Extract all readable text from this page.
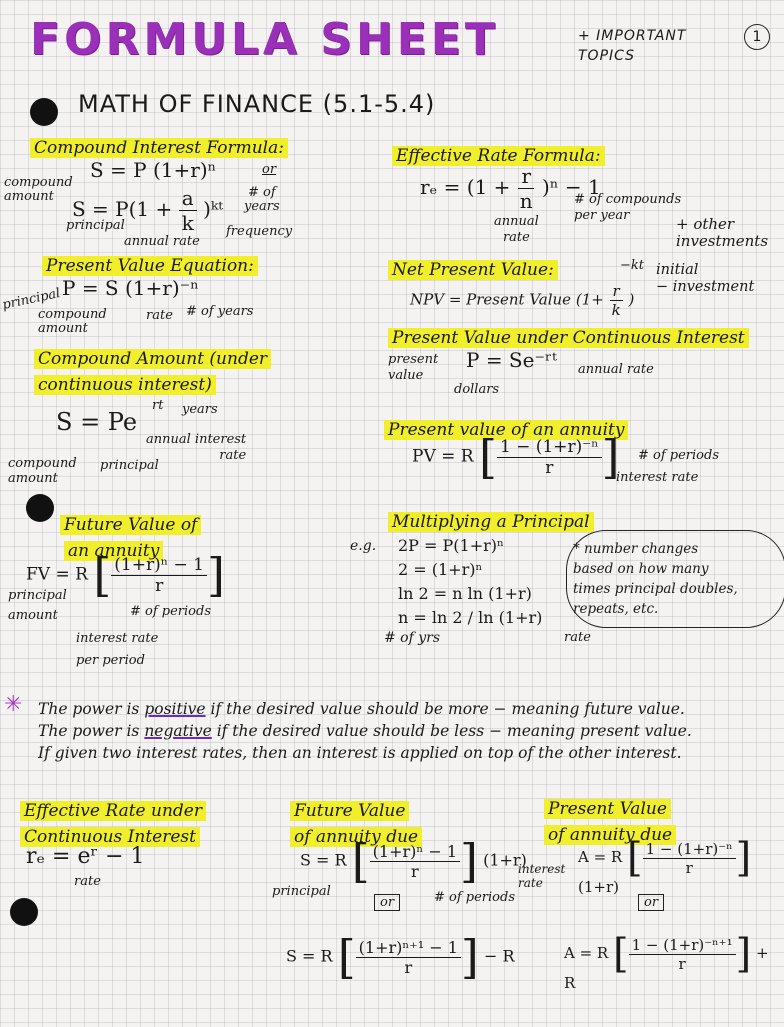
FORMULA SHEET	+ IMPORTANT
TOPICS
1
MATH OF FINANCE (5.1-5.4)
Compound Interest Formula:
S = P (1+r)ⁿ	or
compound
amount
$S = P(1 + \frac{a}{k}$ )ᵏᵗ
# of
years
principal
annual rate
frequency
Effective Rate Formula:
$r_e = (1 + \frac{r}{n} )^n - 1$
# of compounds
per year
annual
rate
+ other
investments
Present Value Equation:
principal P = S (1+r)⁻ⁿ
compound
amount
rate # of years
Net Present Value:	−kt initial
− investment
NPV = Present Value ($1+ \frac{r}{k}$ )
Present Value under Continuous Interest
present
value
P = Se⁻ʳᵗ annual rate
dollars
Compound Amount (under
continuous interest)
rt years
S = Pe
annual interest
rate
compound
amount
principal
Present value of an annuity
PV = R [ $\frac{\text{1 − (1+r)⁻ⁿ}}{r}$ ] # of periods
interest rate
Future Value of
an annuity
FV = R [ $\frac{\text{(1+r)ⁿ − 1}}{r}$ ]
principal
amount	# of periods
interest rate
per period
Multiplying a Principal
e.g. 2P = P(1+r)ⁿ
2 = (1+r)ⁿ
ln 2 = n ln (1+r)
n = ln 2 / ln (1+r)
# of yrs	rate
* number changes
based on how many
times principal doubles,
repeats, etc.
✳ The power is positive if the desired value should be more − meaning future value.
The power is negative if the desired value should be less − meaning present value.
If given two interest rates, then an interest is applied on top of the other interest.
Effective Rate under
Continuous Interest
rₑ = eʳ − 1
rate
Future Value
of annuity due
S = R [ $\frac{\text{(1+r)ⁿ − 1}}{r}$ ] (1+r)
interest
rate
principal
or	# of periods
S = R [ $\frac{\text{(1+r)ⁿ⁺¹ − 1}}{r}$ ] − R
Present Value
of annuity due
A = R [ $\frac{\text{1 − (1+r)⁻ⁿ}}{r}$ ] (1+r)
or
A = R [ $\frac{\text{1 − (1+r)⁻ⁿ⁺¹}}{r}$ ] + R
